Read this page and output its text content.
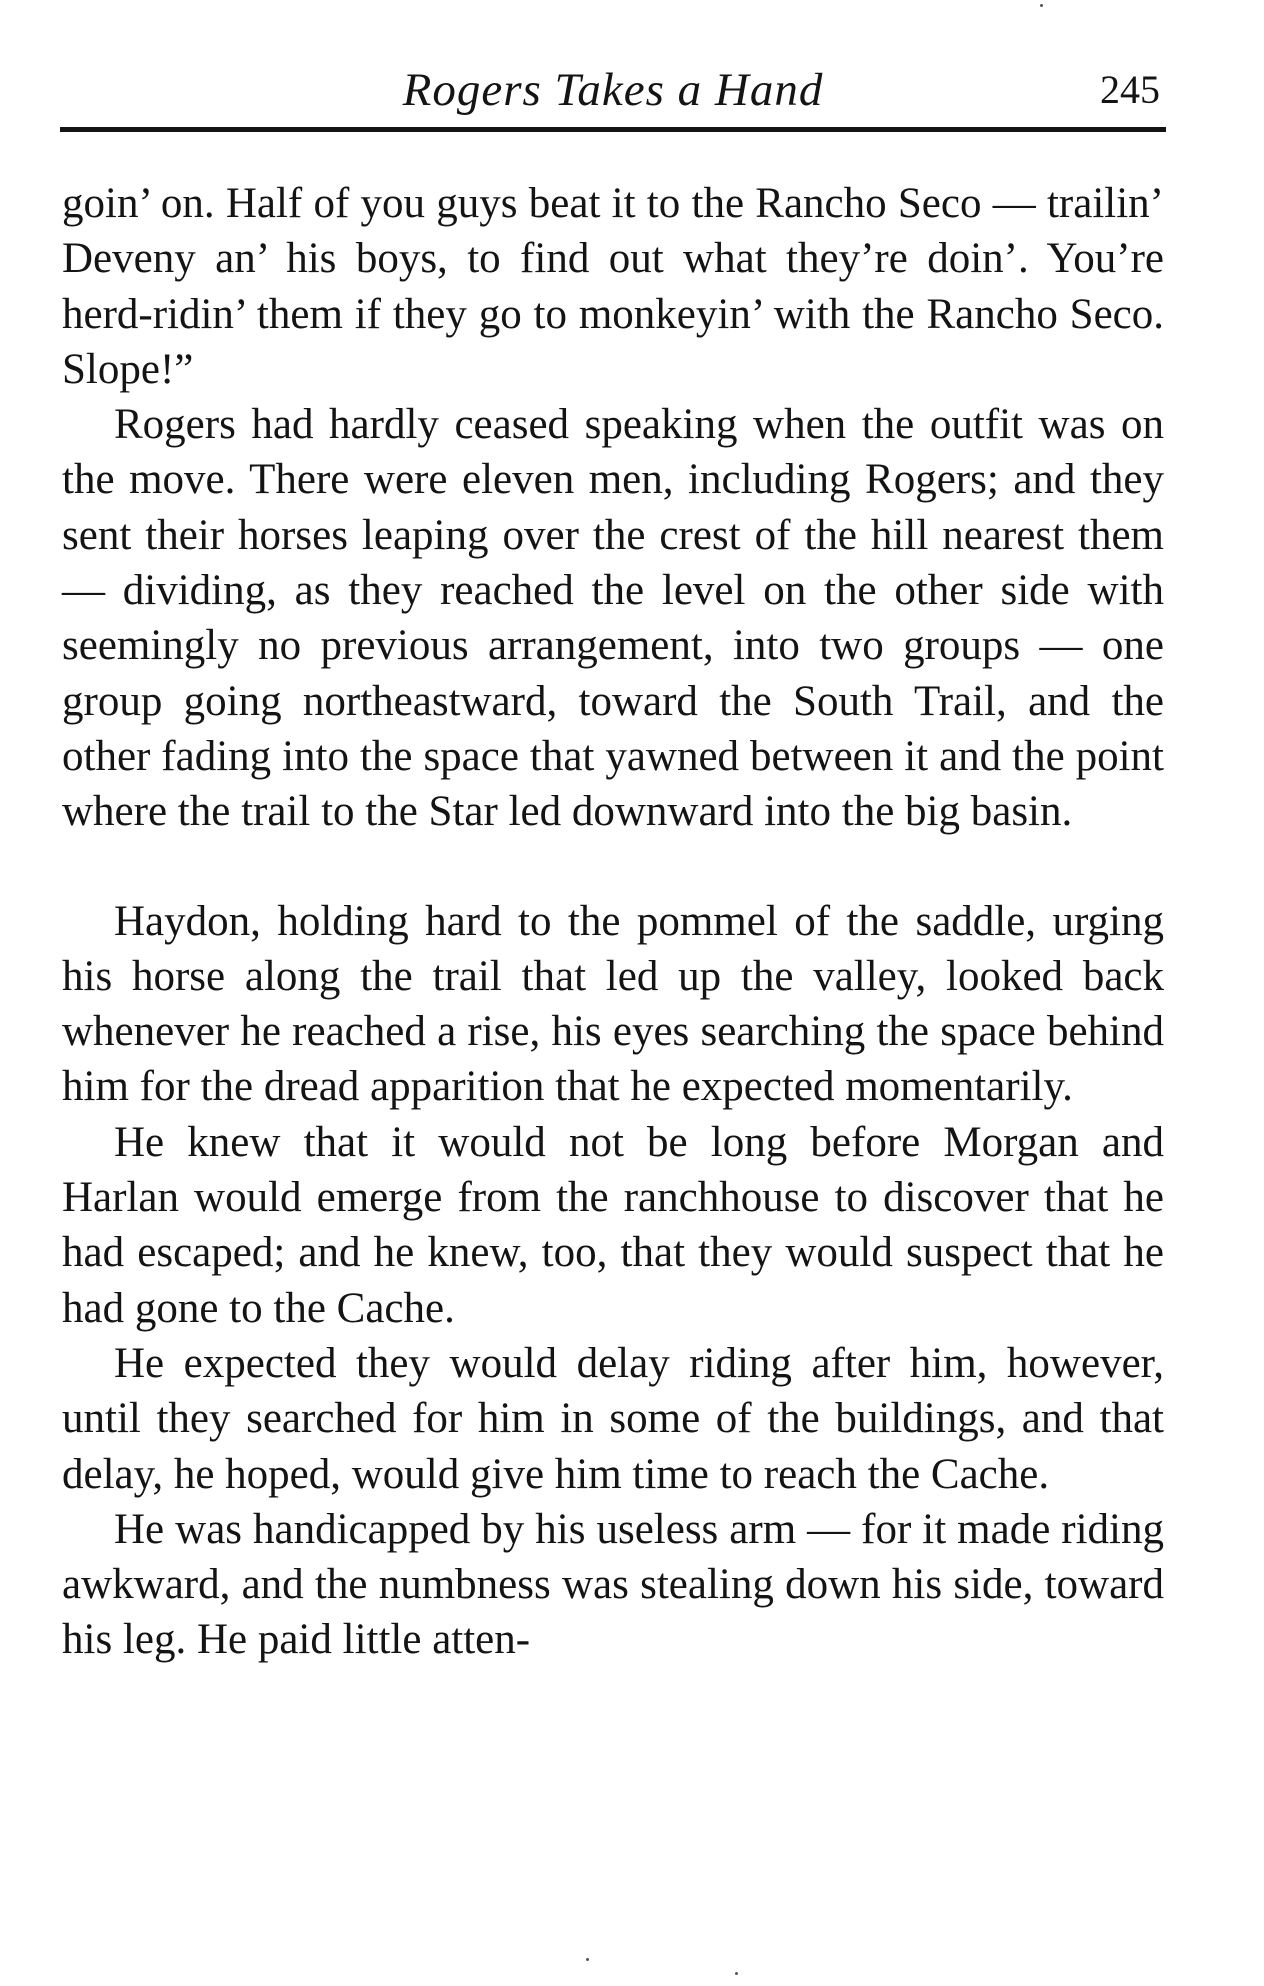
Rogers Takes a Hand	245

goin’ on. Half of you guys beat it to the Rancho Seco — trailin’ Deveny an’ his boys, to find out what they’re doin’. You’re herd-ridin’ them if they go to monkeyin’ with the Rancho Seco. Slope!”

Rogers had hardly ceased speaking when the outfit was on the move. There were eleven men, including Rogers; and they sent their horses leaping over the crest of the hill nearest them — dividing, as they reached the level on the other side with seemingly no previous arrangement, into two groups — one group going northeastward, toward the South Trail, and the other fading into the space that yawned between it and the point where the trail to the Star led downward into the big basin.

Haydon, holding hard to the pommel of the saddle, urging his horse along the trail that led up the valley, looked back whenever he reached a rise, his eyes searching the space behind him for the dread apparition that he expected momentarily.

He knew that it would not be long before Morgan and Harlan would emerge from the ranchhouse to discover that he had escaped; and he knew, too, that they would suspect that he had gone to the Cache.

He expected they would delay riding after him, however, until they searched for him in some of the buildings, and that delay, he hoped, would give him time to reach the Cache.

He was handicapped by his useless arm — for it made riding awkward, and the numbness was stealing down his side, toward his leg. He paid little atten-
